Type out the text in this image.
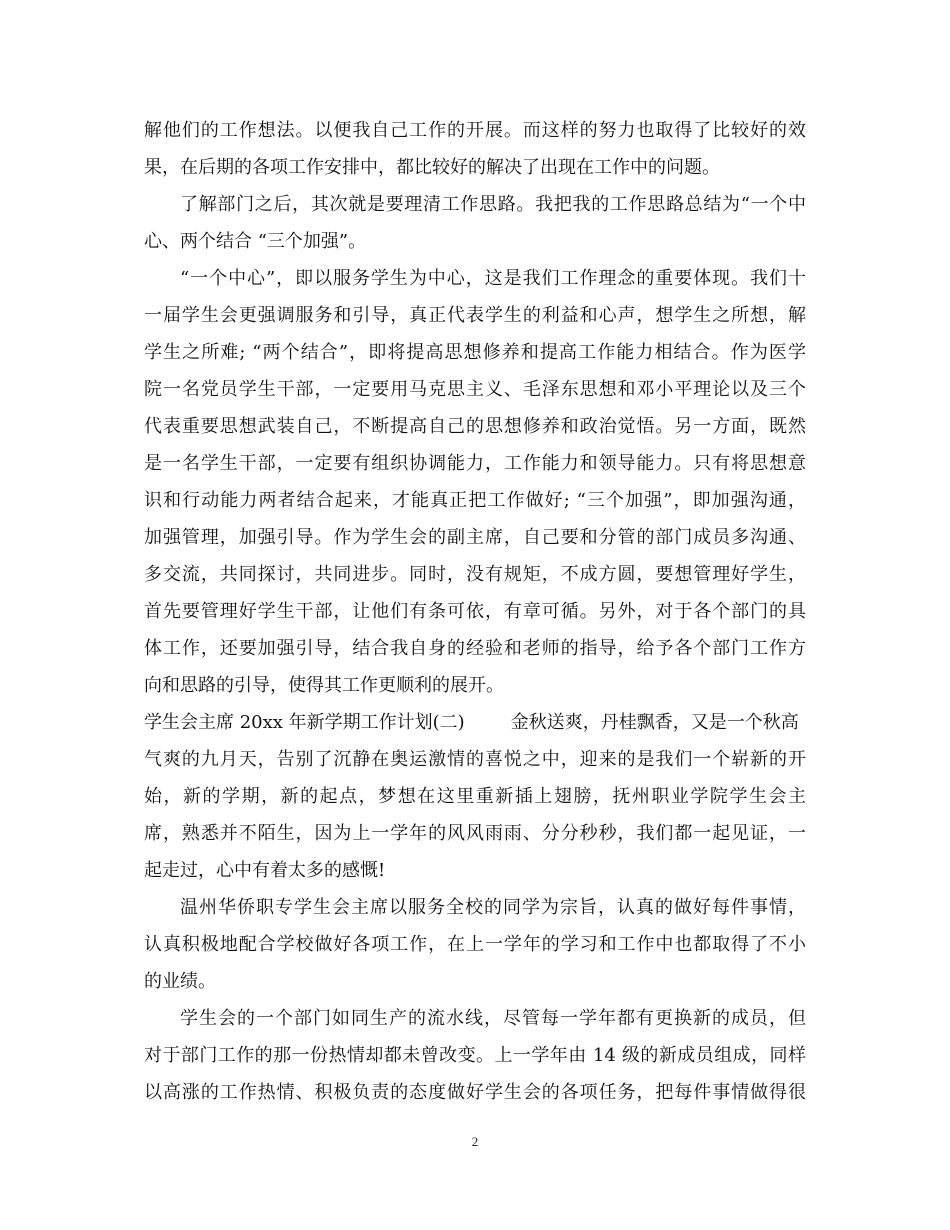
解他们的工作想法。以便我自己工作的开展。而这样的努力也取得了比较好的效
果，在后期的各项工作安排中，都比较好的解决了出现在工作中的问题。
了解部门之后，其次就是要理清工作思路。我把我的工作思路总结为“一个中
心、两个结合 “三个加强”。
“一个中心”，即以服务学生为中心，这是我们工作理念的重要体现。我们十
一届学生会更强调服务和引导，真正代表学生的利益和心声，想学生之所想，解
学生之所难; “两个结合”，即将提高思想修养和提高工作能力相结合。作为医学
院一名党员学生干部，一定要用马克思主义、毛泽东思想和邓小平理论以及三个
代表重要思想武装自己，不断提高自己的思想修养和政治觉悟。另一方面，既然
是一名学生干部，一定要有组织协调能力，工作能力和领导能力。只有将思想意
识和行动能力两者结合起来，才能真正把工作做好; “三个加强”，即加强沟通，
加强管理，加强引导。作为学生会的副主席，自己要和分管的部门成员多沟通、
多交流，共同探讨，共同进步。同时，没有规矩，不成方圆，要想管理好学生，
首先要管理好学生干部，让他们有条可依，有章可循。另外，对于各个部门的具
体工作，还要加强引导，结合我自身的经验和老师的指导，给予各个部门工作方
向和思路的引导，使得其工作更顺利的展开。
学生会主席 20xx 年新学期工作计划(二)	金秋送爽，丹桂飘香，又是一个秋高
气爽的九月天，告别了沉静在奥运激情的喜悦之中，迎来的是我们一个崭新的开
始，新的学期，新的起点，梦想在这里重新插上翅膀，抚州职业学院学生会主
席，熟悉并不陌生，因为上一学年的风风雨雨、分分秒秒，我们都一起见证，一
起走过，心中有着太多的感慨!
温州华侨职专学生会主席以服务全校的同学为宗旨，认真的做好每件事情，
认真积极地配合学校做好各项工作，在上一学年的学习和工作中也都取得了不小
的业绩。
学生会的一个部门如同生产的流水线，尽管每一学年都有更换新的成员，但
对于部门工作的那一份热情却都未曾改变。上一学年由 14 级的新成员组成，同样
以高涨的工作热情、积极负责的态度做好学生会的各项任务，把每件事情做得很
2
